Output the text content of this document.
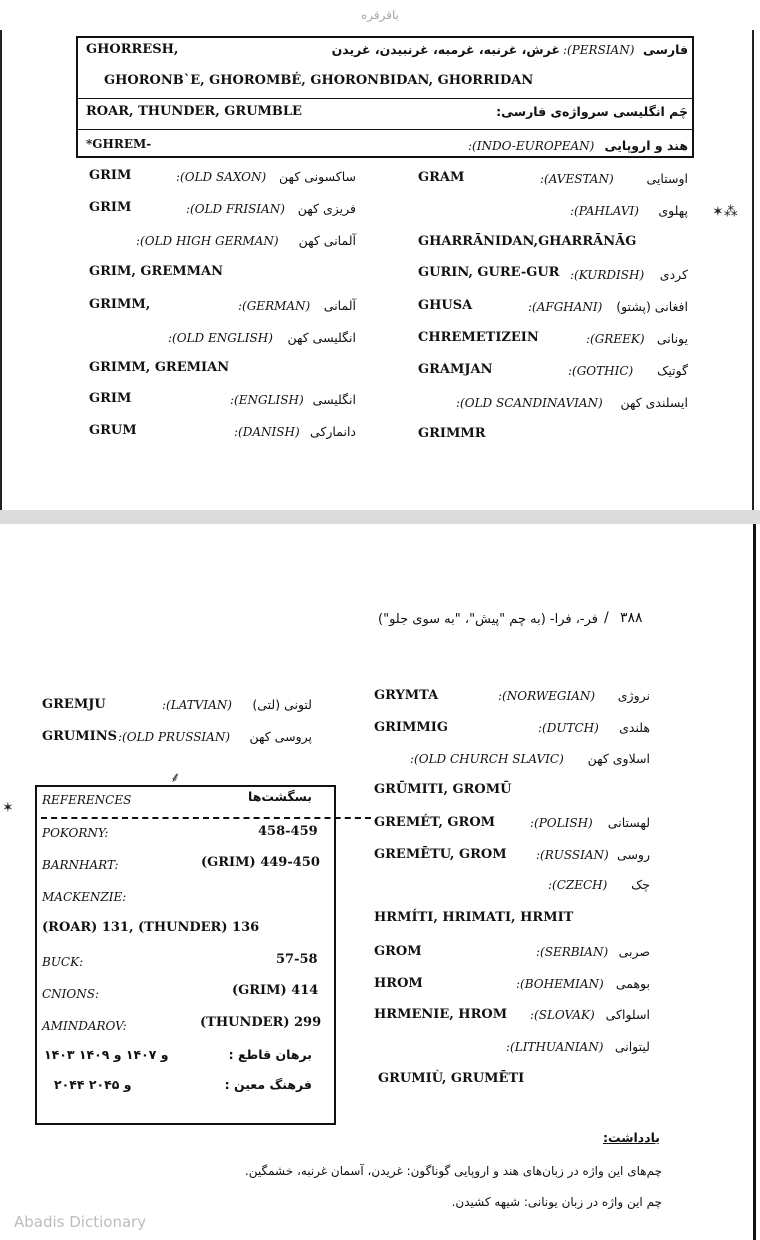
باقرقره
GHORRESH,	غرش، غرنبه، غرمبه، غرنبیدن، غریدن :(PERSIAN) فارسی
GHORONB`E, GHOROMBÉ, GHORONBIDAN, GHORRIDAN
ROAR, THUNDER, GRUMBLE	چَم انگلیسی سرواژه‌ی فارسی:
*GHREM-	:(INDO-EUROPEAN) هند و اروپایی
GRIM	:(OLD SAXON)	ساکسونی کهن
GRIM	:(OLD FRISIAN)	فریزی کهن
:(OLD HIGH GERMAN)	آلمانی کهن
GRIM, GREMMAN
GRIMM,	:(GERMAN)	آلمانی
:(OLD ENGLISH)	انگلیسی کهن
GRIMM, GREMIAN
GRIM	:(ENGLISH) انگلیسی
GRUM	:(DANISH) دانمارکی
GRAM	:(AVESTAN)	اوستایی
:(PAHLAVI)	پهلوی
GHARRĀNIDAN,GHARRĀNĀG
GURIN, GURE-GUR :(KURDISH)	کردی
GHUSA	:(AFGHANI)	افغانی (پشتو)
CHREMETIZEIN	:(GREEK) یونانی
GRAMJAN	:(GOTHIC)	گوتیک
:(OLD SCANDINAVIAN)	ایسلندی کهن
GRIMMR
✶⁂
۳۸۸
/
فر-، فرا- (به چم "پیش"، "به سوی جلو")
GREMJU	:(LATVIAN)	لتونی (لتی)
GRUMINS :(OLD PRUSSIAN)	پروسی کهن
⸙
✶ REFERENCES	بسگشت‌ها
POKORNY:	458-459
BARNHART:	(GRIM) 449-450
MACKENZIE:
(ROAR) 131, (THUNDER) 136
BUCK:	57-58
CNIONS:	(GRIM) 414
AMINDAROV:	(THUNDER) 299
برهان قاطع :
۱۴۰۳ و ۱۴۰۷ و ۱۴۰۹
فرهنگ معین :
۲۰۴۴ و ۲۰۴۵
GRYMTA	:(NORWEGIAN)	نروژی
GRIMMIG	:(DUTCH)	هلندی
:(OLD CHURCH SLAVIC)	اسلاوی کهن
GRŪMITI, GROMŪ
GREMÉT, GROM	:(POLISH)	لهستانی
GREMĒTU, GROM :(RUSSIAN) روسی
:(CZECH)	چک
HRMÍTI, HRIMATI, HRMIT
GROM	:(SERBIAN) صربی
HROM	:(BOHEMIAN) بوهمی
HRMENIE, HROM :(SLOVAK) اسلواکی
:(LITHUANIAN) لیتوانی
GRUMIÙ, GRUMĒTI
یادداشت:
چم‌های این واژه در زبان‌های هند و اروپایی گوناگون: غریدن، آسمان غرنبه، خشمگین.
چم این واژه در زبان یونانی: شیهه کشیدن.
Abadis Dictionary
